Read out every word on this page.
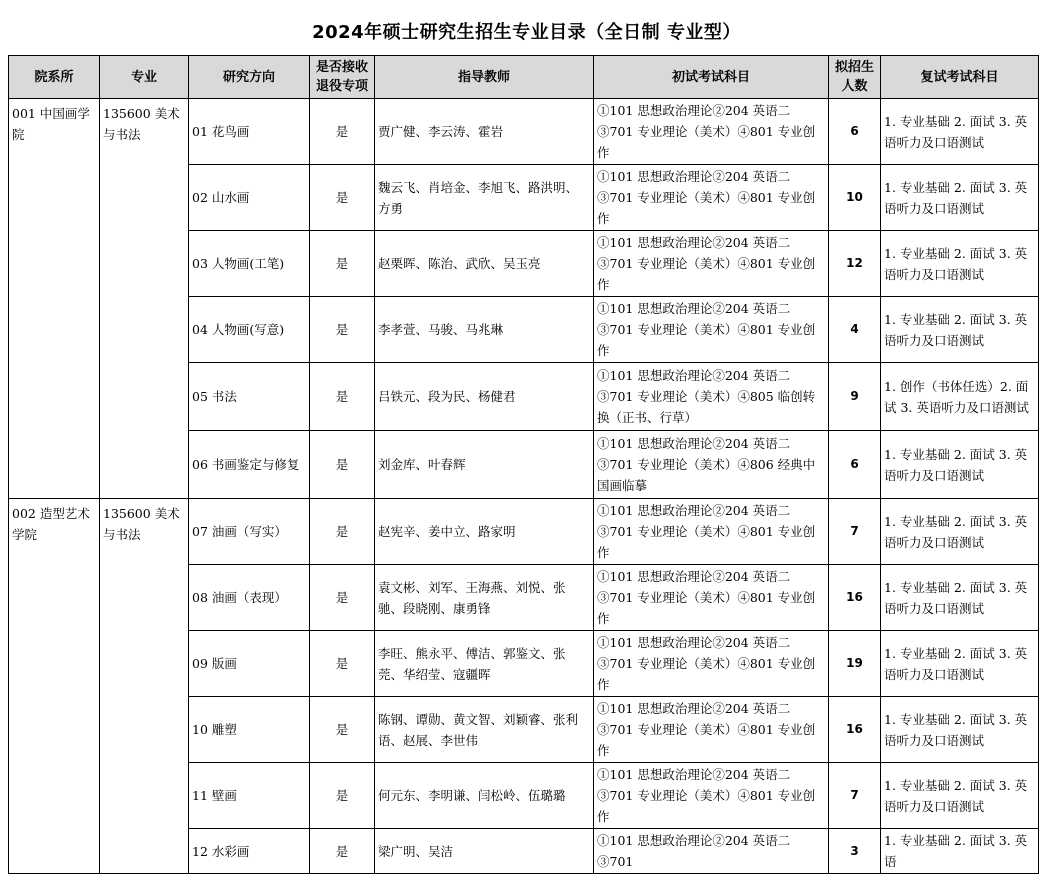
2024年硕士研究生招生专业目录（全日制 专业型）
院系所	专业	研究方向	是否接收退役专项	指导教师	初试考试科目	拟招生人数	复试考试科目
001 中国画学院	135600 美术与书法	01 花鸟画	是	贾广健、李云涛、霍岩	①101 思想政治理论②204 英语二③701 专业理论（美术）④801 专业创作	6	1. 专业基础 2. 面试 3. 英语听力及口语测试
		02 山水画	是	魏云飞、肖培金、李旭飞、路洪明、方勇	①101 思想政治理论②204 英语二③701 专业理论（美术）④801 专业创作	10	1. 专业基础 2. 面试 3. 英语听力及口语测试
		03 人物画(工笔)	是	赵栗晖、陈治、武欣、吴玉亮	①101 思想政治理论②204 英语二③701 专业理论（美术）④801 专业创作	12	1. 专业基础 2. 面试 3. 英语听力及口语测试
		04 人物画(写意)	是	李孝萱、马骏、马兆琳	①101 思想政治理论②204 英语二③701 专业理论（美术）④801 专业创作	4	1. 专业基础 2. 面试 3. 英语听力及口语测试
		05 书法	是	吕铁元、段为民、杨健君	①101 思想政治理论②204 英语二③701 专业理论（美术）④805 临创转换（正书、行草）	9	1. 创作（书体任选）2. 面试 3. 英语听力及口语测试
		06 书画鉴定与修复	是	刘金库、叶春辉	①101 思想政治理论②204 英语二③701 专业理论（美术）④806 经典中国画临摹	6	1. 专业基础 2. 面试 3. 英语听力及口语测试
002 造型艺术学院	135600 美术与书法	07 油画（写实）	是	赵宪辛、姜中立、路家明	①101 思想政治理论②204 英语二③701 专业理论（美术）④801 专业创作	7	1. 专业基础 2. 面试 3. 英语听力及口语测试
		08 油画（表现）	是	袁文彬、刘军、王海燕、刘悦、张驰、段晓刚、康勇锋	①101 思想政治理论②204 英语二③701 专业理论（美术）④801 专业创作	16	1. 专业基础 2. 面试 3. 英语听力及口语测试
		09 版画	是	李旺、熊永平、傅洁、郭鉴文、张莞、华绍莹、寇疆晖	①101 思想政治理论②204 英语二③701 专业理论（美术）④801 专业创作	19	1. 专业基础 2. 面试 3. 英语听力及口语测试
		10 雕塑	是	陈钢、谭勋、黄文智、刘颖睿、张利语、赵展、李世伟	①101 思想政治理论②204 英语二③701 专业理论（美术）④801 专业创作	16	1. 专业基础 2. 面试 3. 英语听力及口语测试
		11 壁画	是	何元东、李明谦、闫松岭、伍璐璐	①101 思想政治理论②204 英语二③701 专业理论（美术）④801 专业创作	7	1. 专业基础 2. 面试 3. 英语听力及口语测试
		12 水彩画	是	梁广明、吴洁	①101 思想政治理论②204 英语二③701	3	1. 专业基础 2. 面试 3. 英语
